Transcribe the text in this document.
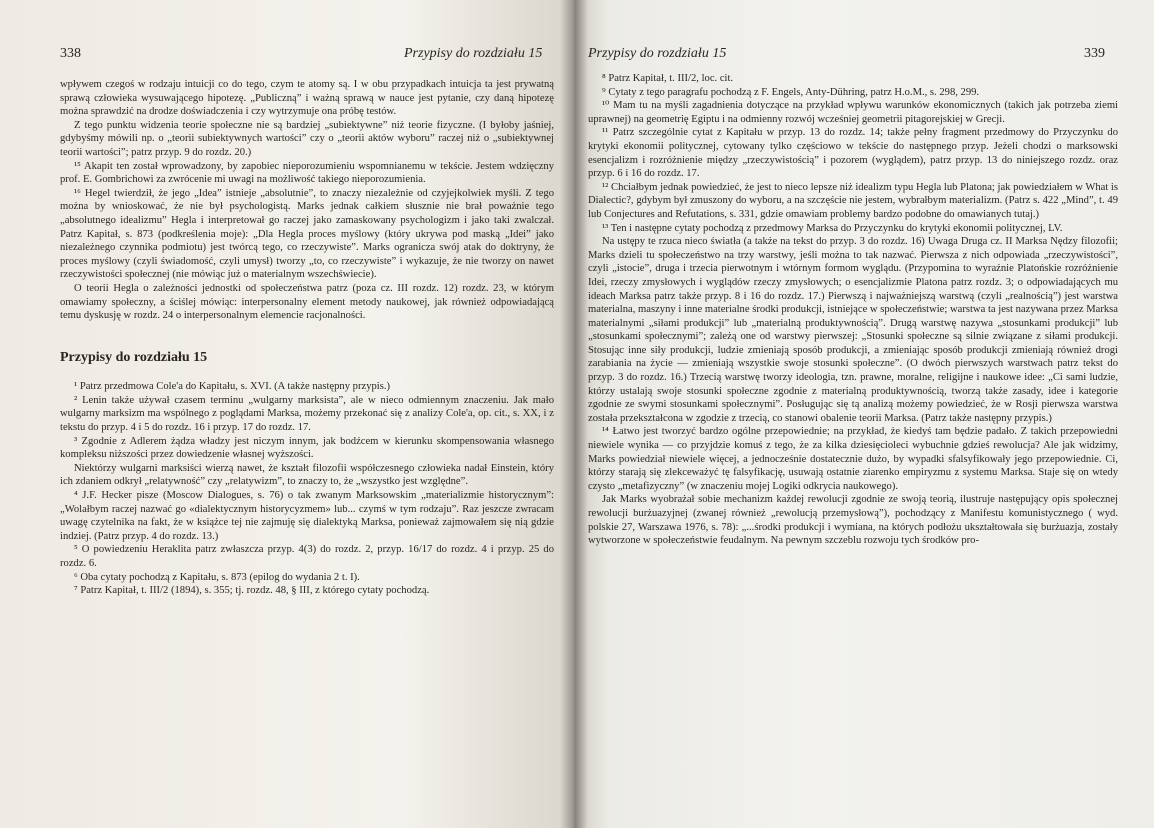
338	Przypisy do rozdziału 15

wpływem czegoś w rodzaju intuicji co do tego, czym te atomy są. I w obu przypadkach intuicja ta jest prywatną sprawą człowieka wysuwającego hipotezę. „Publiczną” i ważną sprawą w nauce jest pytanie, czy daną hipotezę można sprawdzić na drodze doświadczenia i czy wytrzymuje ona próbę testów.

Z tego punktu widzenia teorie społeczne nie są bardziej „subiektywne” niż teorie fizyczne. (I byłoby jaśniej, gdybyśmy mówili np. o „teorii subiektywnych wartości” czy o „teorii aktów wyboru” raczej niż o „subiektywnej teorii wartości”; patrz przyp. 9 do rozdz. 20.)

¹⁵ Akapit ten został wprowadzony, by zapobiec nieporozumieniu wspomnianemu w tekście. Jestem wdzięczny prof. E. Gombrichowi za zwrócenie mi uwagi na możliwość takiego nieporozumienia.

¹⁶ Hegel twierdził, że jego „Idea” istnieje „absolutnie”, to znaczy niezależnie od czyjejkolwiek myśli. Z tego można by wnioskować, że nie był psychologistą. Marks jednak całkiem słusznie nie brał poważnie tego „absolutnego idealizmu” Hegla i interpretował go raczej jako zamaskowany psychologizm i jako taki zwalczał. Patrz Kapitał, s. 873 (podkreślenia moje): „Dla Hegla proces myślowy (który ukrywa pod maską „Idei” jako niezależnego czynnika podmiotu) jest twórcą tego, co rzeczywiste”. Marks ogranicza swój atak do doktryny, że proces myślowy (czyli świadomość, czyli umysł) tworzy „to, co rzeczywiste” i wykazuje, że nie tworzy on nawet rzeczywistości społecznej (nie mówiąc już o materialnym wszechświecie).

O teorii Hegla o zależności jednostki od społeczeństwa patrz (poza cz. III rozdz. 12) rozdz. 23, w którym omawiamy społeczny, a ściślej mówiąc: interpersonalny element metody naukowej, jak również odpowiadającą temu dyskusję w rozdz. 24 o interpersonalnym elemencie racjonalności.

Przypisy do rozdziału 15

¹ Patrz przedmowa Cole'a do Kapitału, s. XVI. (A także następny przypis.)

² Lenin także używał czasem terminu „wulgarny marksista”, ale w nieco odmiennym znaczeniu. Jak mało wulgarny marksizm ma wspólnego z poglądami Marksa, możemy przekonać się z analizy Cole'a, op. cit., s. XX, i z tekstu do przyp. 4 i 5 do rozdz. 16 i przyp. 17 do rozdz. 17.

³ Zgodnie z Adlerem żądza władzy jest niczym innym, jak bodźcem w kierunku skompensowania własnego kompleksu niższości przez dowiedzenie własnej wyższości.

Niektórzy wulgarni marksiści wierzą nawet, że kształt filozofii współczesnego człowieka nadał Einstein, który ich zdaniem odkrył „relatywność” czy „relatywizm”, to znaczy to, że „wszystko jest względne”.

⁴ J.F. Hecker pisze (Moscow Dialogues, s. 76) o tak zwanym Marksowskim „materializmie historycznym”: „Wolałbym raczej nazwać go «dialektycznym historycyzmem» lub... czymś w tym rodzaju”. Raz jeszcze zwracam uwagę czytelnika na fakt, że w książce tej nie zajmuję się dialektyką Marksa, ponieważ zajmowałem się nią gdzie indziej. (Patrz przyp. 4 do rozdz. 13.)

⁵ O powiedzeniu Heraklita patrz zwłaszcza przyp. 4(3) do rozdz. 2, przyp. 16/17 do rozdz. 4 i przyp. 25 do rozdz. 6.

⁶ Oba cytaty pochodzą z Kapitału, s. 873 (epilog do wydania 2 t. I).

⁷ Patrz Kapitał, t. III/2 (1894), s. 355; tj. rozdz. 48, § III, z którego cytaty pochodzą.

Przypisy do rozdziału 15	339

⁸ Patrz Kapitał, t. III/2, loc. cit.

⁹ Cytaty z tego paragrafu pochodzą z F. Engels, Anty-Dühring, patrz H.o.M., s. 298, 299.

¹⁰ Mam tu na myśli zagadnienia dotyczące na przykład wpływu warunków ekonomicznych (takich jak potrzeba ziemi uprawnej) na geometrię Egiptu i na odmienny rozwój wcześniej geometrii pitagorejskiej w Grecji.

¹¹ Patrz szczególnie cytat z Kapitału w przyp. 13 do rozdz. 14; także pełny fragment przedmowy do Przyczynku do krytyki ekonomii politycznej, cytowany tylko częściowo w tekście do następnego przyp. Jeżeli chodzi o marksowski esencjalizm i rozróżnienie między „rzeczywistością” i pozorem (wyglądem), patrz przyp. 13 do niniejszego rozdz. oraz przyp. 6 i 16 do rozdz. 17.

¹² Chciałbym jednak powiedzieć, że jest to nieco lepsze niż idealizm typu Hegla lub Platona; jak powiedziałem w What is Dialectic?, gdybym był zmuszony do wyboru, a na szczęście nie jestem, wybrałbym materializm. (Patrz s. 422 „Mind”, t. 49 lub Conjectures and Refutations, s. 331, gdzie omawiam problemy bardzo podobne do omawianych tutaj.)

¹³ Ten i następne cytaty pochodzą z przedmowy Marksa do Przyczynku do krytyki ekonomii politycznej, LV.

Na ustępy te rzuca nieco światła (a także na tekst do przyp. 3 do rozdz. 16) Uwaga Druga cz. II Marksa Nędzy filozofii; Marks dzieli tu społeczeństwo na trzy warstwy, jeśli można to tak nazwać. Pierwsza z nich odpowiada „rzeczywistości”, czyli „istocie”, druga i trzecia pierwotnym i wtórnym formom wyglądu. (Przypomina to wyraźnie Platońskie rozróżnienie Idei, rzeczy zmysłowych i wyglądów rzeczy zmysłowych; o esencjalizmie Platona patrz rozdz. 3; o odpowiadających mu ideach Marksa patrz także przyp. 8 i 16 do rozdz. 17.) Pierwszą i najważniejszą warstwą (czyli „realnością”) jest warstwa materialna, maszyny i inne materialne środki produkcji, istniejące w społeczeństwie; warstwa ta jest nazywana przez Marksa materialnymi „siłami produkcji” lub „materialną produktywnością”. Drugą warstwę nazywa „stosunkami produkcji” lub „stosunkami społecznymi”; zależą one od warstwy pierwszej: „Stosunki społeczne są silnie związane z siłami produkcji. Stosując inne siły produkcji, ludzie zmieniają sposób produkcji, a zmieniając sposób produkcji zmieniają również drogi zarabiania na życie — zmieniają wszystkie swoje stosunki społeczne”. (O dwóch pierwszych warstwach patrz tekst do przyp. 3 do rozdz. 16.) Trzecią warstwę tworzy ideologia, tzn. prawne, moralne, religijne i naukowe idee: „Ci sami ludzie, którzy ustalają swoje stosunki społeczne zgodnie z materialną produktywnością, tworzą także zasady, idee i kategorie zgodnie ze swymi stosunkami społecznymi”. Posługując się tą analizą możemy powiedzieć, że w Rosji pierwsza warstwa została przekształcona w zgodzie z trzecią, co stanowi obalenie teorii Marksa. (Patrz także następny przypis.)

¹⁴ Łatwo jest tworzyć bardzo ogólne przepowiednie; na przykład, że kiedyś tam będzie padało. Z takich przepowiedni niewiele wynika — co przyjdzie komuś z tego, że za kilka dziesięcioleci wybuchnie gdzieś rewolucja? Ale jak widzimy, Marks powiedział niewiele więcej, a jednocześnie dostatecznie dużo, by wypadki sfalsyfikowały jego przepowiednie. Ci, którzy starają się zlekceważyć tę falsyfikację, usuwają ostatnie ziarenko empiryzmu z systemu Marksa. Staje się on wtedy czysto „metafizyczny” (w znaczeniu mojej Logiki odkrycia naukowego).

Jak Marks wyobrażał sobie mechanizm każdej rewolucji zgodnie ze swoją teorią, ilustruje następujący opis społecznej rewolucji burżuazyjnej (zwanej również „rewolucją przemysłową”), pochodzący z Manifestu komunistycznego ( wyd. polskie 27, Warszawa 1976, s. 78): „...środki produkcji i wymiana, na których podłożu ukształtowała się burżuazja, zostały wytworzone w społeczeństwie feudalnym. Na pewnym szczeblu rozwoju tych środków pro-
